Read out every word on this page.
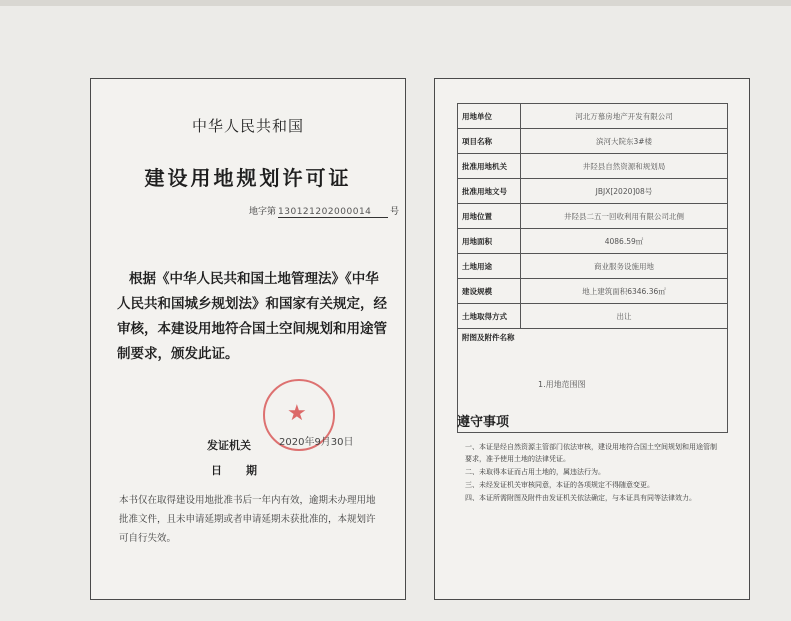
中华人民共和国
建设用地规划许可证
地字第 130121202000014 号
根据《中华人民共和国土地管理法》《中华人民共和国城乡规划法》和国家有关规定，经审核，本建设用地符合国土空间规划和用途管制要求，颁发此证。
★
发证机关	2020年9月30日
日期
本书仅在取得建设用地批准书后一年内有效，逾期未办理用地批准文件，且未申请延期或者申请延期未获批准的，本规划许可自行失效。
用地单位	河北万慕房地产开发有限公司
项目名称	滨河大院东3#楼
批准用地机关	井陉县自然资源和规划局
批准用地文号	JBJX[2020]08号
用地位置	井陉县二五一回收利用有限公司北侧
用地面积	4086.59㎡
土地用途	商业服务设施用地
建设规模	地上建筑面积6346.36㎡
土地取得方式	出让
附图及附件名称
1.用地范围图	
遵守事项
一、本证是经自然资源主管部门依法审核，建设用地符合国土空间规划和用途管制要求，准予使用土地的法律凭证。
二、未取得本证而占用土地的，属违法行为。
三、未经发证机关审核同意，本证的各项规定不得随意变更。
四、本证所需附图及附件由发证机关依法确定，与本证具有同等法律效力。
